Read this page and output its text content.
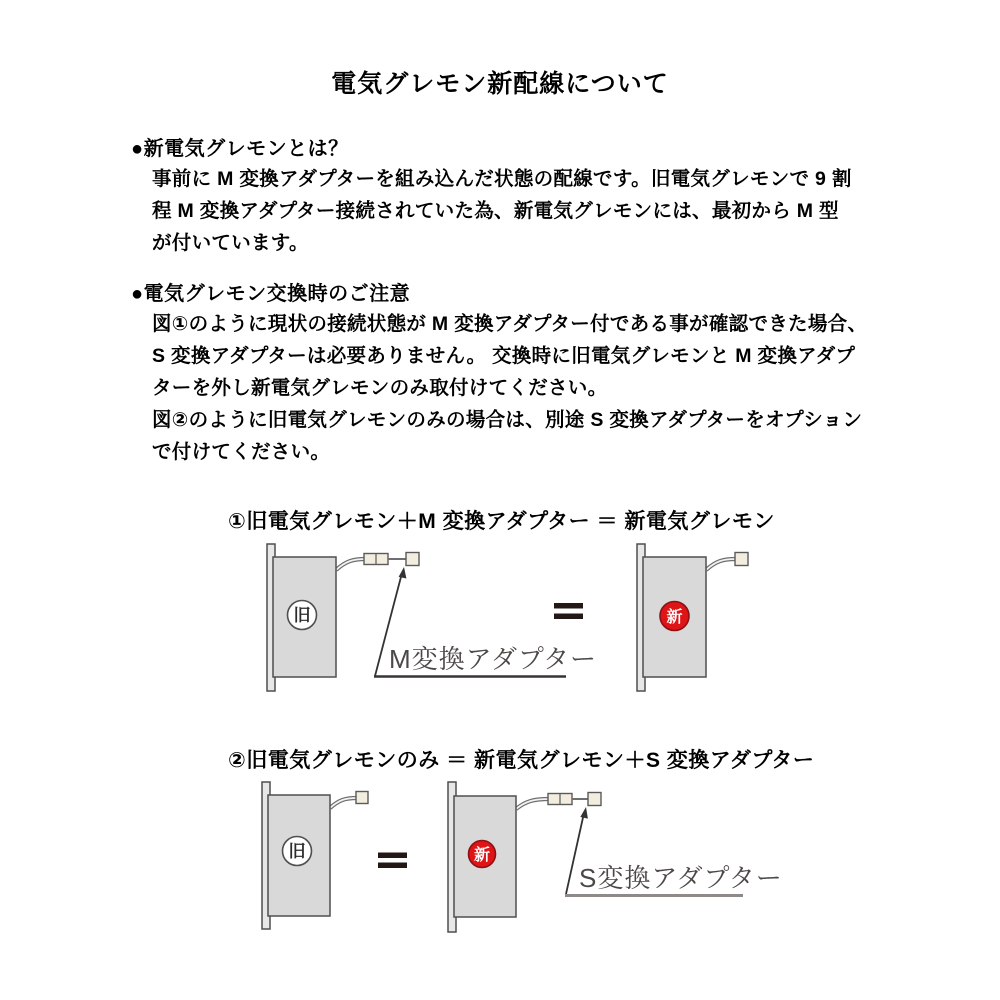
電気グレモン新配線について
●新電気グレモンとは？
事前に M 変換アダプターを組み込んだ状態の配線です。旧電気グレモンで 9 割
程 M 変換アダプター接続されていた為、新電気グレモンには、最初から M 型
が付いています。
●電気グレモン交換時のご注意
図①のように現状の接続状態が M 変換アダプター付である事が確認できた場合、
S 変換アダプターは必要ありません。 交換時に旧電気グレモンと M 変換アダプ
ターを外し新電気グレモンのみ取付けてください。
図②のように旧電気グレモンのみの場合は、別途 S 変換アダプターをオプション
で付けてください。
①旧電気グレモン＋M 変換アダプター ＝ 新電気グレモン
旧
M変換アダプター
新
②旧電気グレモンのみ ＝ 新電気グレモン＋S 変換アダプター
旧	新
S変換アダプター
